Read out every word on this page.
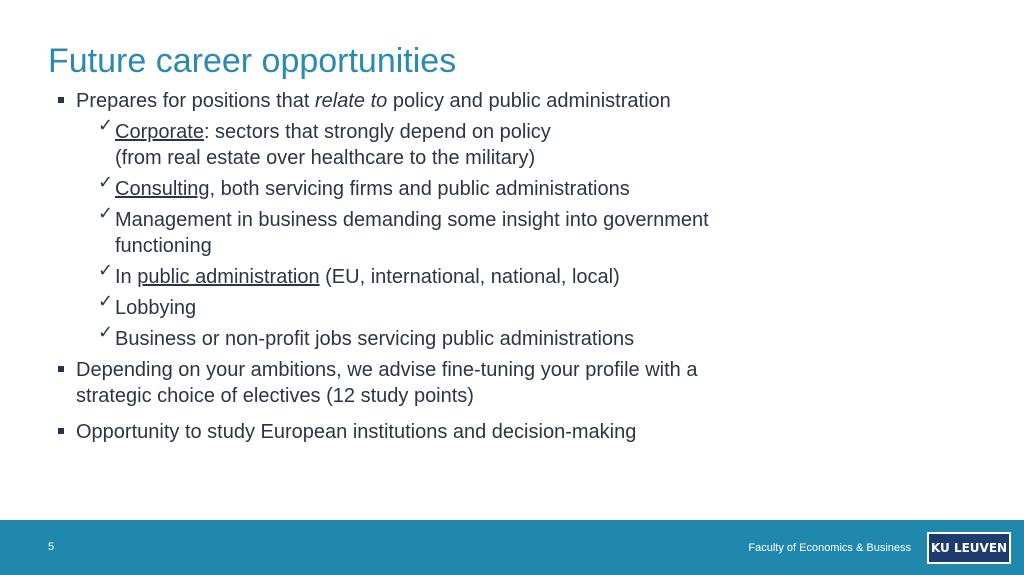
Future career opportunities
Prepares for positions that relate to policy and public administration
✓ Corporate: sectors that strongly depend on policy
(from real estate over healthcare to the military)
✓ Consulting, both servicing firms and public administrations
✓ Management in business demanding some insight into government functioning
✓ In public administration (EU, international, national, local)
✓ Lobbying
✓ Business or non-profit jobs servicing public administrations
Depending on your ambitions, we advise fine-tuning your profile with a
strategic choice of electives (12 study points)
Opportunity to study European institutions and decision-making
5	Faculty of Economics & Business	KU LEUVEN
